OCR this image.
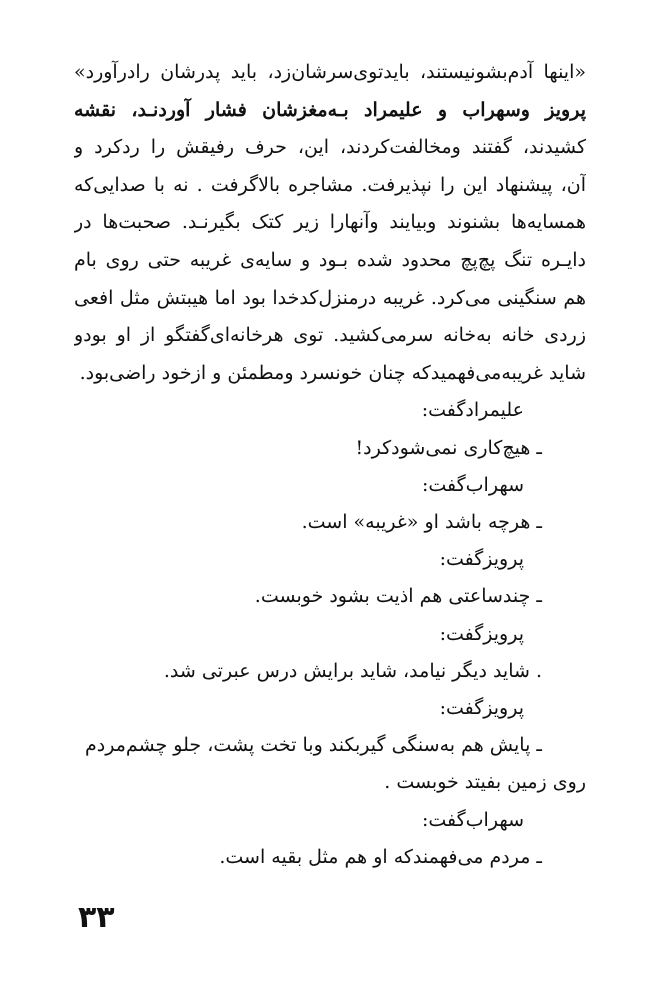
«اینها آدم‌بشونیستند، بایدتوی‌سرشان‌زد، باید پدرشان رادرآورد»
پرویز وسهراب و علیمراد بـه‌مغزشان فشار آوردنـد، نقشه
کشیدند، گفتند ومخالفت‌کردند، این، حرف رفیقش را ردکرد و
آن، پیشنهاد این را نپذیرفت. مشاجره بالاگرفت . نه با صدایی‌که
همسایه‌ها بشنوند وبیایند وآنهارا زیر کتک بگیرنـد. صحبت‌ها در
دایـره تنگ پچ‌پچ محدود شده بـود و سایه‌ی غریبه حتی روی بام
هم سنگینی می‌کرد. غریبه درمنزل‌کدخدا بود اما هیبتش مثل افعی
زردی خانه به‌خانه سرمی‌کشید. توی هرخانه‌ای‌گفتگو از او بودو
شاید غریبه‌می‌فهمیدکه چنان خونسرد ومطمئن و ازخود راضی‌بود.

علیمرادگفت:
ـ هیچ‌کاری نمی‌شودکرد!
سهراب‌گفت:
ـ هرچه باشد او «غریبه» است.
پرویزگفت:
ـ چندساعتی هم اذیت بشود خوبست.
پرویزگفت:
. شاید دیگر نیامد، شاید برایش درس عبرتی شد.
پرویزگفت:
ـ پایش هم به‌سنگی گیربکند وبا تخت پشت، جلو چشم‌مردم
روی زمین بفیتد خوبست .
سهراب‌گفت:
ـ مردم می‌فهمندکه او هم مثل بقیه است.
۳۳
